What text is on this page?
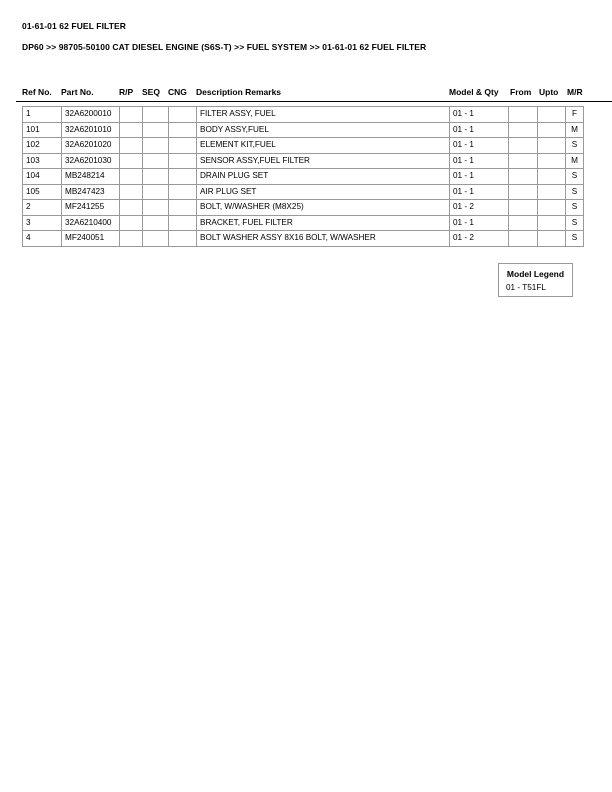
01-61-01 62 FUEL FILTER
DP60 >> 98705-50100 CAT DIESEL ENGINE (S6S-T) >> FUEL SYSTEM >> 01-61-01 62 FUEL FILTER
Ref No. Part No.	R/P SEQ CNG Description Remarks	Model & Qty From Upto M/R
1	32A6200010				FILTER ASSY, FUEL	01 - 1			F
101	32A6201010				BODY ASSY,FUEL	01 - 1			M
102	32A6201020				ELEMENT KIT,FUEL	01 - 1			S
103	32A6201030				SENSOR ASSY,FUEL FILTER	01 - 1			M
104	MB248214				DRAIN PLUG SET	01 - 1			S
105	MB247423				AIR PLUG SET	01 - 1			S
2	MF241255				BOLT, W/WASHER (M8X25)	01 - 2			S
3	32A6210400				BRACKET, FUEL FILTER	01 - 1			S
4	MF240051				BOLT WASHER ASSY 8X16 BOLT, W/WASHER	01 - 2			S
Model Legend
01 - T51FL
